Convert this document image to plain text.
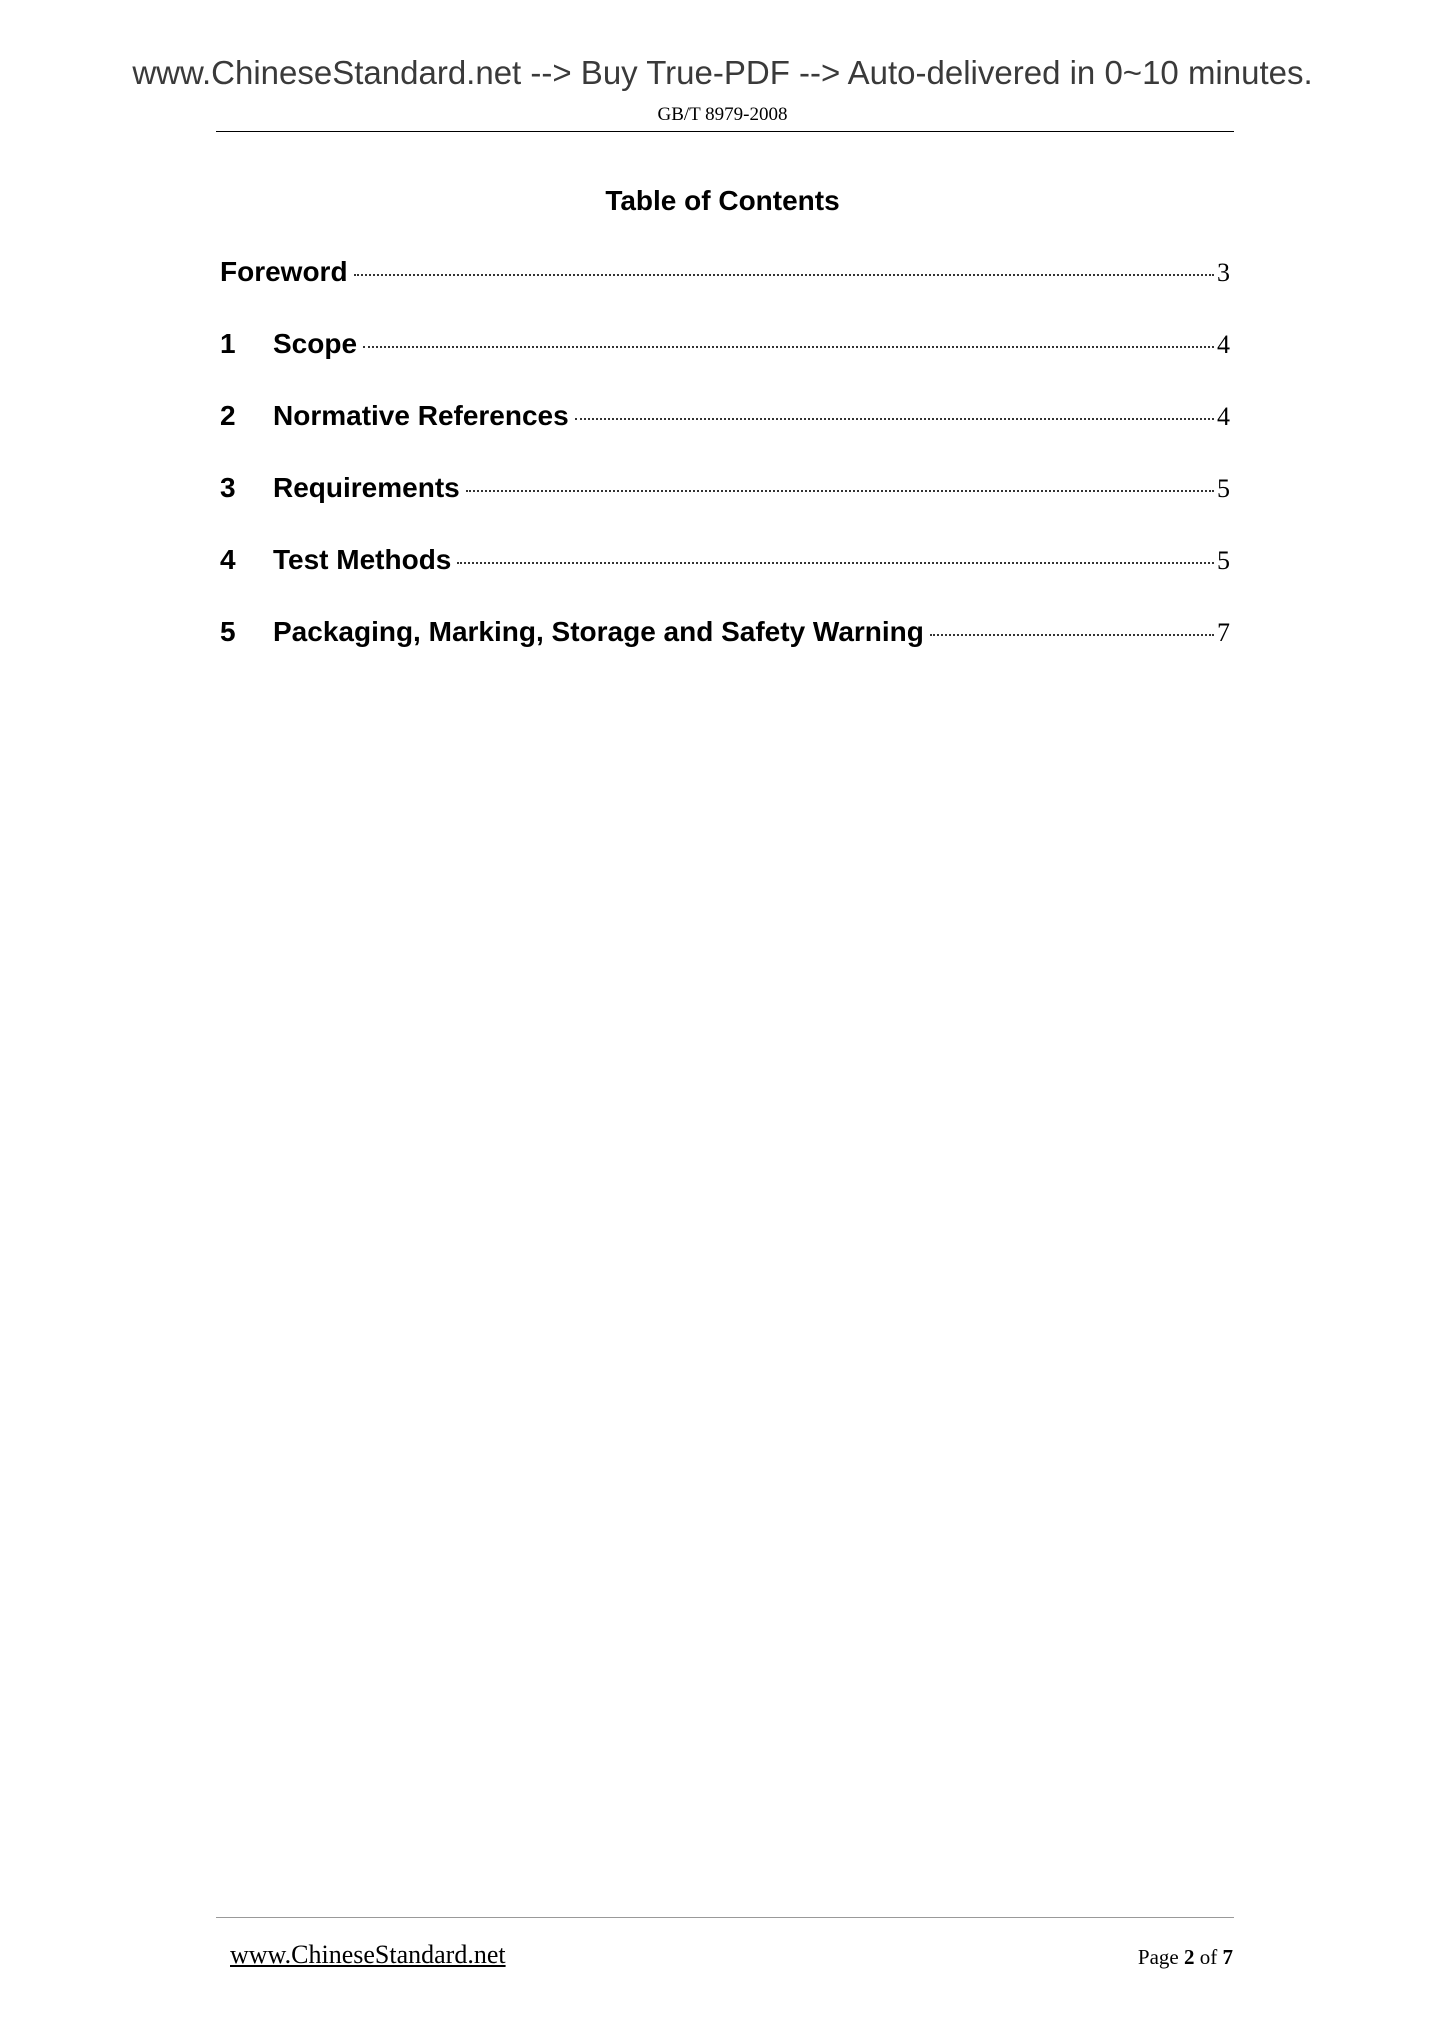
www.ChineseStandard.net --> Buy True-PDF --> Auto-delivered in 0~10 minutes.
GB/T 8979-2008
Table of Contents
Foreword	3
1	Scope	4
2	Normative References	4
3	Requirements	5
4	Test Methods	5
5	Packaging, Marking, Storage and Safety Warning	7
www.ChineseStandard.net	Page 2 of 7
